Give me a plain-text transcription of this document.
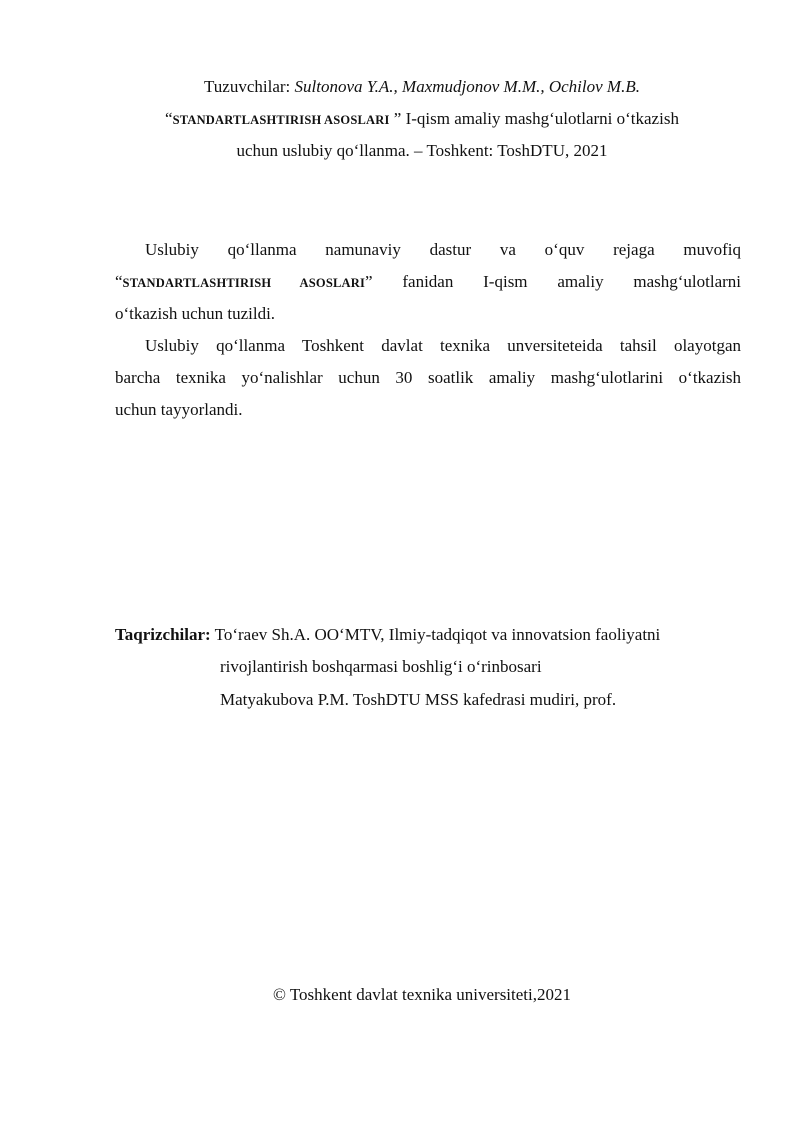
Tuzuvchilar: Sultonova Y.A., Maxmudjonov M.M., Ochilov M.B.
“STANDARTLASHTIRISH ASOSLARI ” I-qism amaliy mashg‘ulotlarni o‘tkazish
uchun uslubiy qo‘llanma. – Toshkent: ToshDTU, 2021
Uslubiy qo‘llanma namunaviy dastur va o‘quv rejaga muvofiq
“STANDARTLASHTIRISH ASOSLARI” fanidan I-qism amaliy mashg‘ulotlarni
o‘tkazish uchun tuzildi.
Uslubiy qo‘llanma Toshkent davlat texnika unversiteteida tahsil olayotgan
barcha texnika yo‘nalishlar uchun 30 soatlik amaliy mashg‘ulotlarini o‘tkazish
uchun tayyorlandi.
Taqrizchilar: To‘raev Sh.A. OO‘MTV, Ilmiy-tadqiqot va innovatsion faoliyatni
rivojlantirish boshqarmasi boshlig‘i o‘rinbosari
Matyakubova P.M. ToshDTU MSS kafedrasi mudiri, prof.
© Toshkent davlat texnika universiteti,2021
